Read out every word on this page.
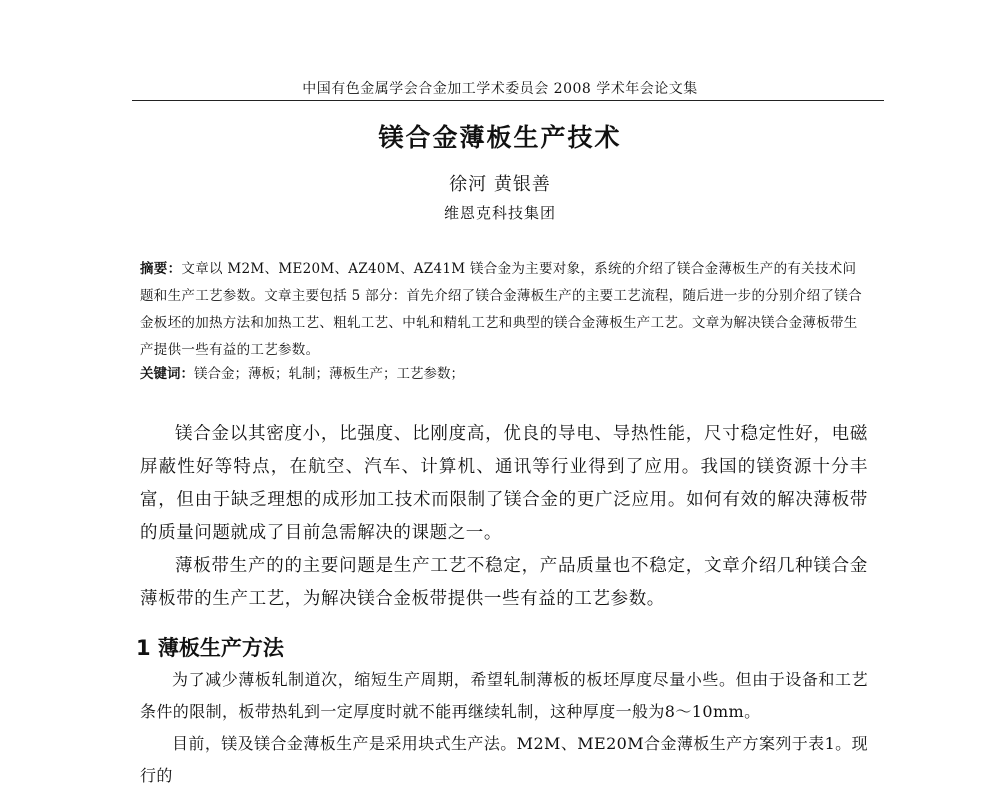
中国有色金属学会合金加工学术委员会 2008 学术年会论文集
镁合金薄板生产技术
徐河 黄银善
维恩克科技集团
摘要：文章以 M2M、ME20M、AZ40M、AZ41M 镁合金为主要对象，系统的介绍了镁合金薄板生产的有关技术问题和生产工艺参数。文章主要包括 5 部分：首先介绍了镁合金薄板生产的主要工艺流程，随后进一步的分别介绍了镁合金板坯的加热方法和加热工艺、粗轧工艺、中轧和精轧工艺和典型的镁合金薄板生产工艺。文章为解决镁合金薄板带生产提供一些有益的工艺参数。
关键词：镁合金；薄板；轧制；薄板生产；工艺参数；

镁合金以其密度小，比强度、比刚度高，优良的导电、导热性能，尺寸稳定性好，电磁屏蔽性好等特点，在航空、汽车、计算机、通讯等行业得到了应用。我国的镁资源十分丰富，但由于缺乏理想的成形加工技术而限制了镁合金的更广泛应用。如何有效的解决薄板带的质量问题就成了目前急需解决的课题之一。

薄板带生产的的主要问题是生产工艺不稳定，产品质量也不稳定，文章介绍几种镁合金薄板带的生产工艺，为解决镁合金板带提供一些有益的工艺参数。

1 薄板生产方法

为了减少薄板轧制道次，缩短生产周期，希望轧制薄板的板坯厚度尽量小些。但由于设备和工艺条件的限制，板带热轧到一定厚度时就不能再继续轧制，这种厚度一般为8～10mm。

目前，镁及镁合金薄板生产是采用块式生产法。M2M、ME20M合金薄板生产方案列于表1。现行的
